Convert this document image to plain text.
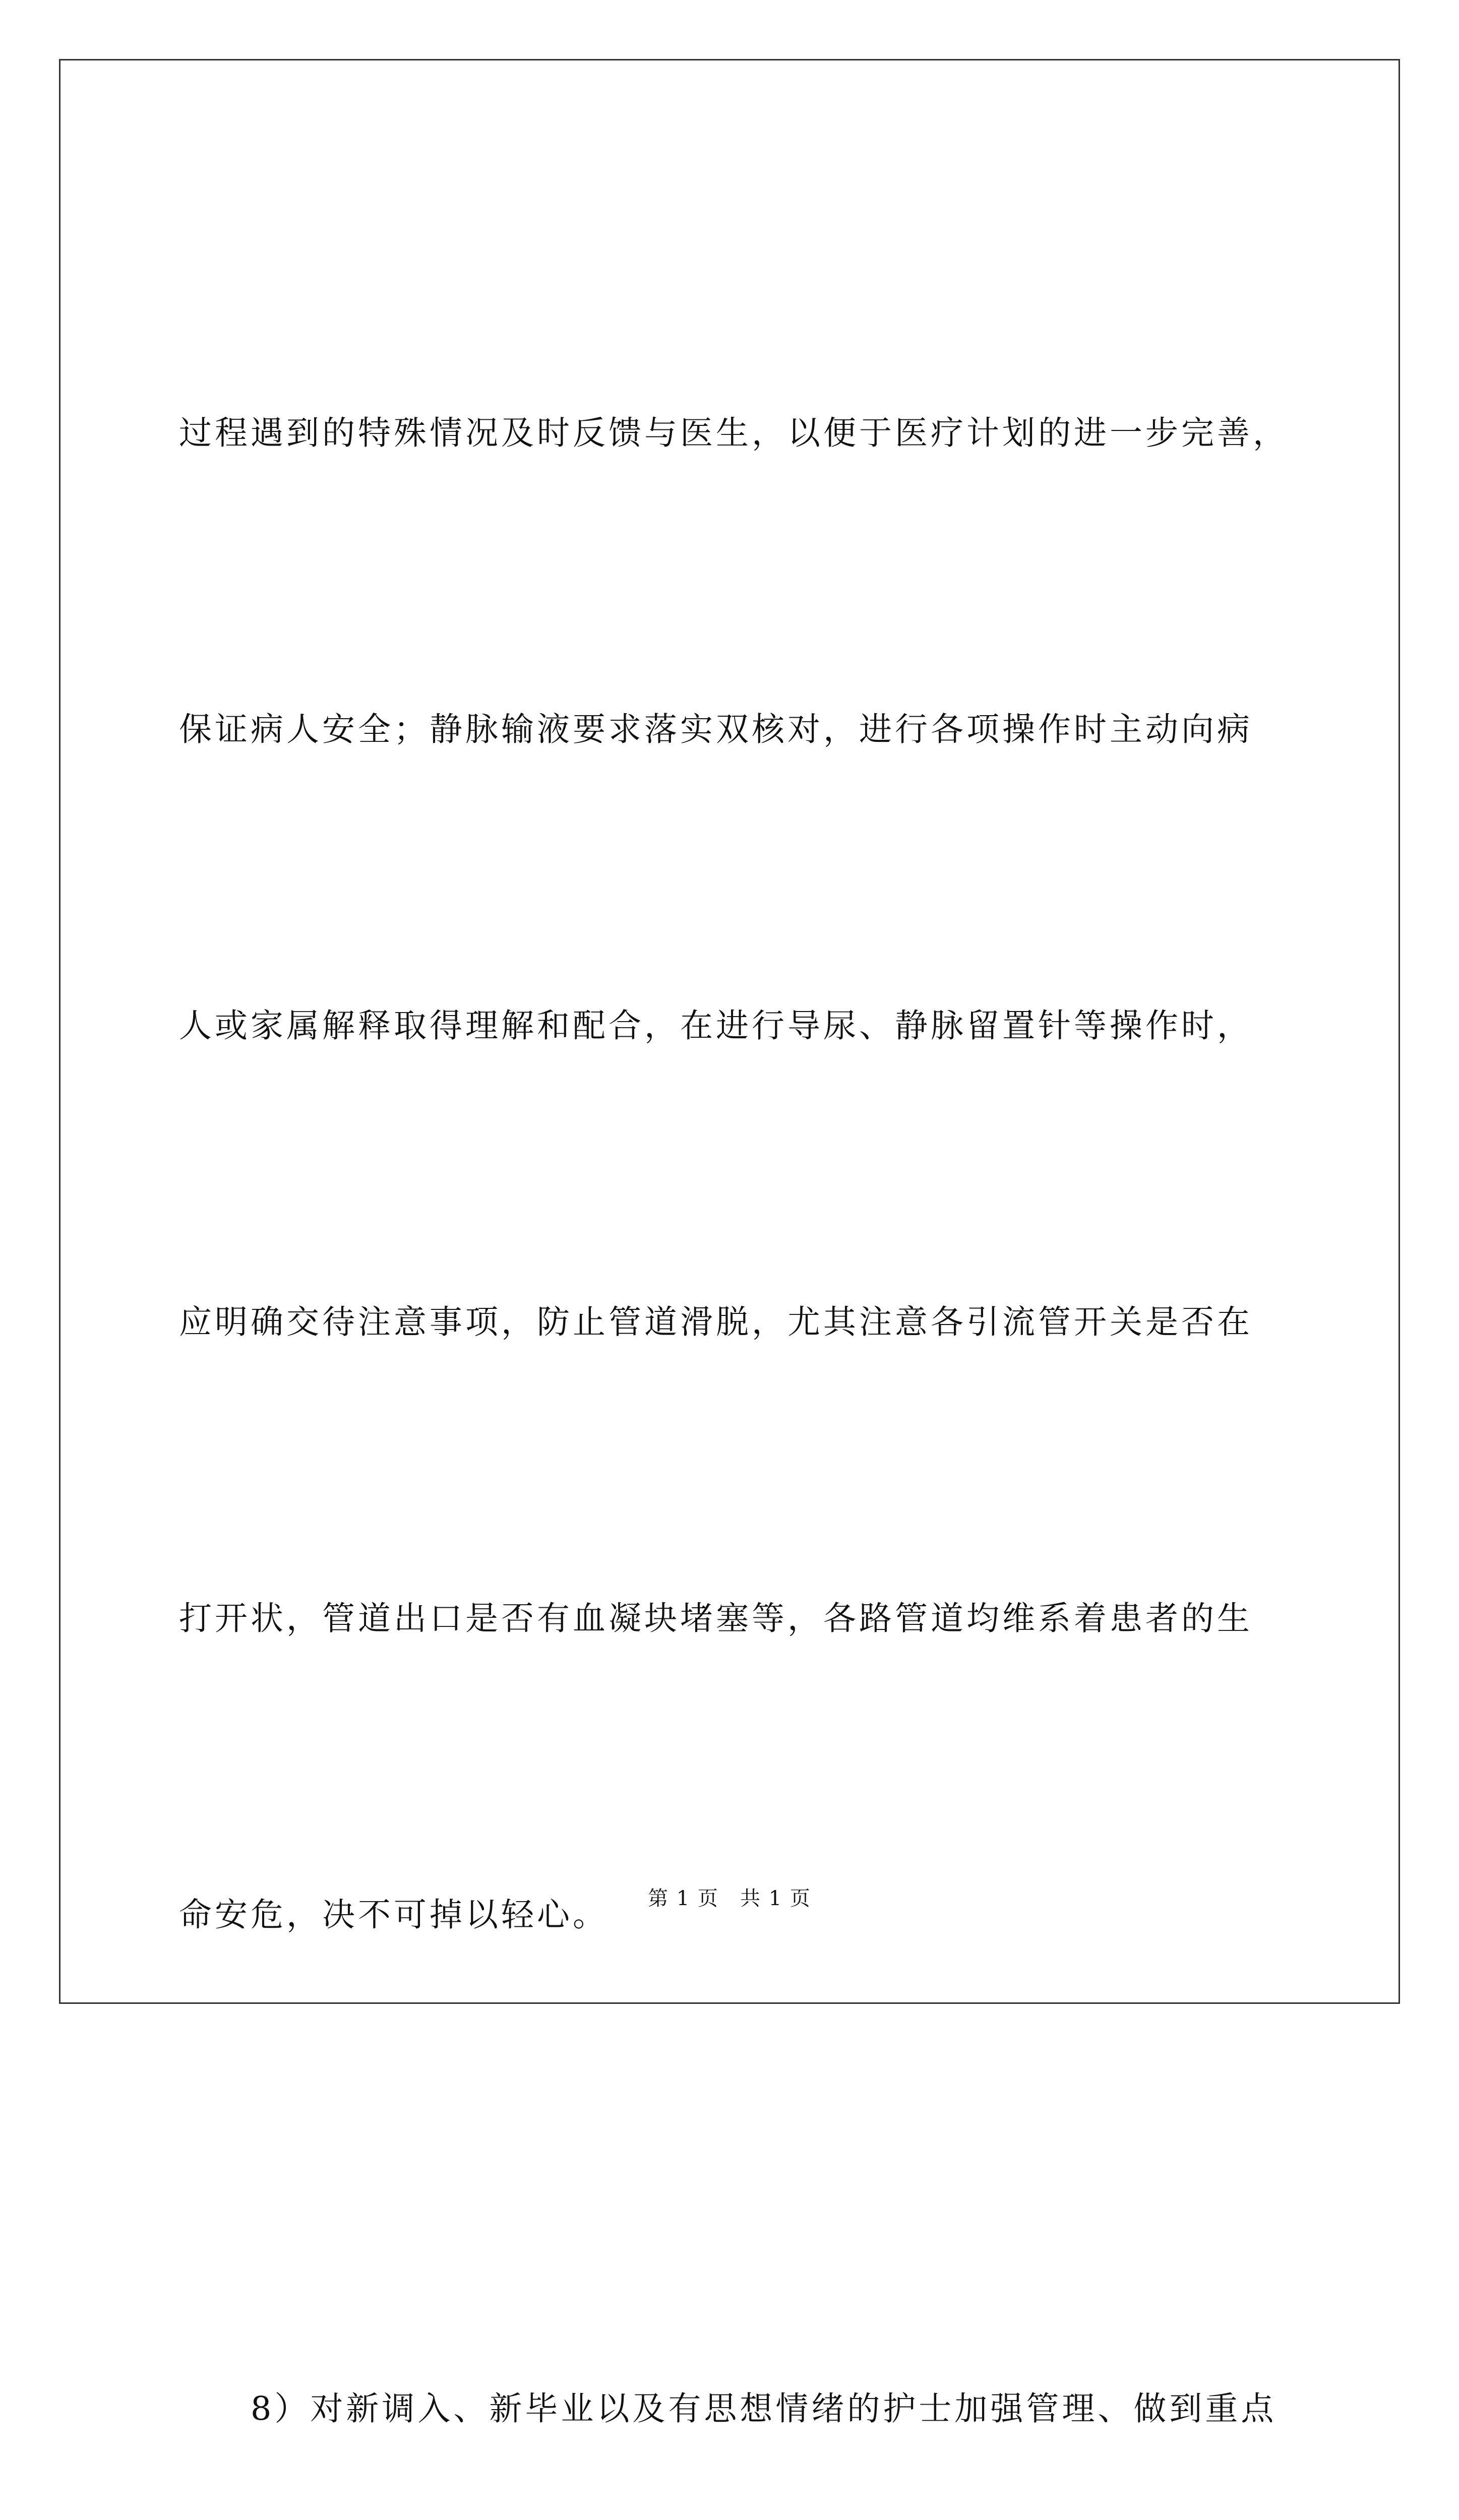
过程遇到的特殊情况及时反馈与医生，以便于医疗计划的进一步完善，

保证病人安全；静脉输液要求落实双核对，进行各项操作时主动向病

人或家属解释取得理解和配合，在进行导尿、静脉留置针等操作时，

应明确交待注意事项，防止管道滑脱，尤其注意各引流管开关是否在

打开状，管道出口是否有血凝块堵塞等，各路管道均维系着患者的生

命安危，决不可掉以轻心。

　　8）对新调入、新毕业以及有思想情绪的护士加强管理、做到重点

第 1 页　共 1 页
